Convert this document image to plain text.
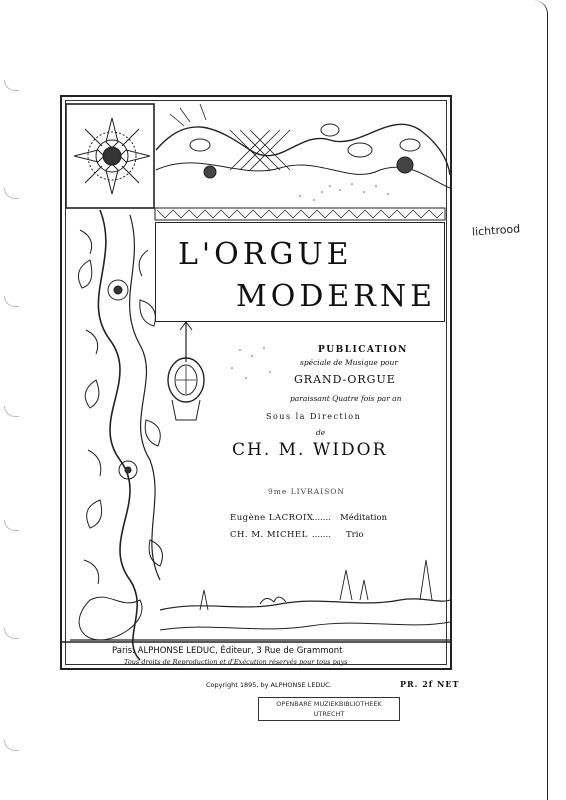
L'ORGUE
MODERNE
PUBLICATION
spéciale de Musique pour
GRAND-ORGUE
paraissant Quatre fois par an
Sous la Direction
de
CH. M. WIDOR
9me LIVRAISON
Eugène LACROIX
....... Méditation
CH. M. MICHEL ....... Trio
Paris. ALPHONSE LEDUC, Éditeur, 3 Rue de Grammont
Tous droits de Reproduction et d'Exécution réservés pour tous pays
Copyright 1895, by ALPHONSE LEDUC.	PR. 2f NET
OPENBARE MUZIEKBIBLIOTHEEK
UTRECHT
lichtrood
